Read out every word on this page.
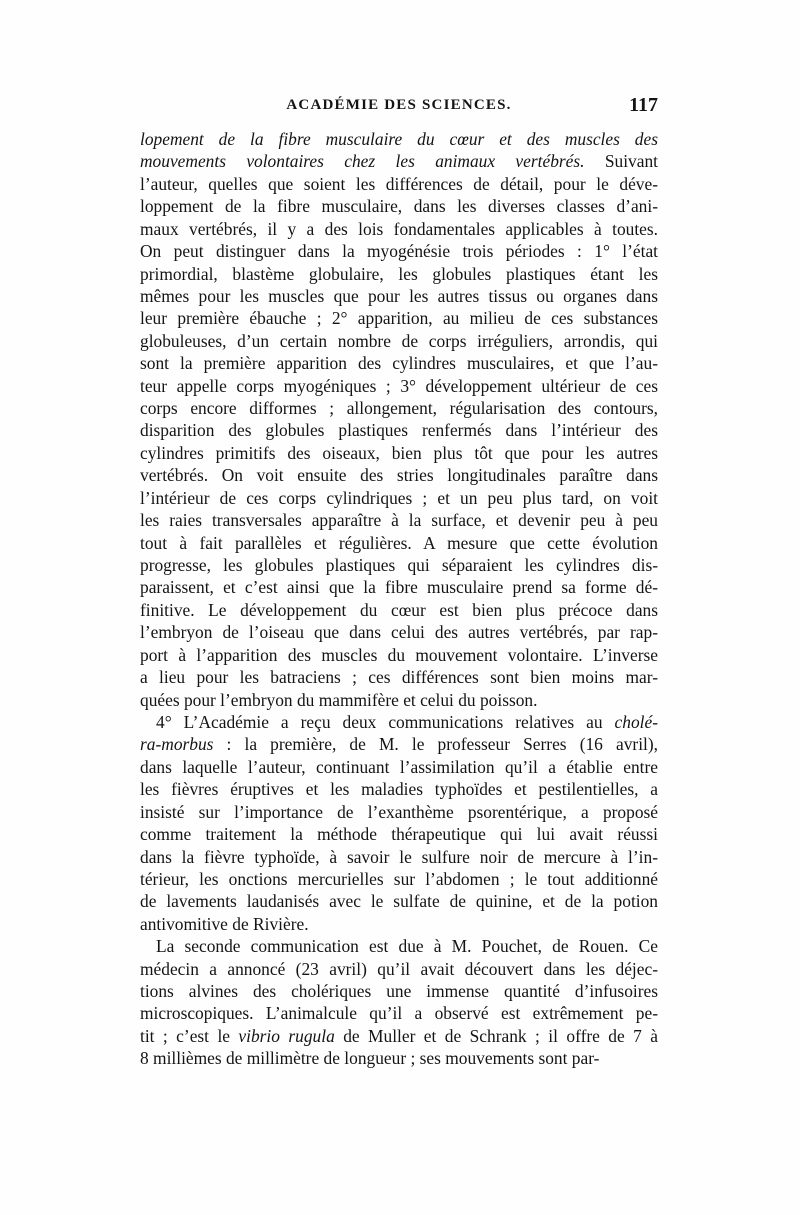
ACADÉMIE DES SCIENCES.	117
lopement de la fibre musculaire du cœur et des muscles des
mouvements volontaires chez les animaux vertébrés. Suivant
l’auteur, quelles que soient les différences de détail, pour le déve-
loppement de la fibre musculaire, dans les diverses classes d’ani-
maux vertébrés, il y a des lois fondamentales applicables à toutes.
On peut distinguer dans la myogénésie trois périodes : 1° l’état
primordial, blastème globulaire, les globules plastiques étant les
mêmes pour les muscles que pour les autres tissus ou organes dans
leur première ébauche ; 2° apparition, au milieu de ces substances
globuleuses, d’un certain nombre de corps irréguliers, arrondis, qui
sont la première apparition des cylindres musculaires, et que l’au-
teur appelle corps myogéniques ; 3° développement ultérieur de ces
corps encore difformes ; allongement, régularisation des contours,
disparition des globules plastiques renfermés dans l’intérieur des
cylindres primitifs des oiseaux, bien plus tôt que pour les autres
vertébrés. On voit ensuite des stries longitudinales paraître dans
l’intérieur de ces corps cylindriques ; et un peu plus tard, on voit
les raies transversales apparaître à la surface, et devenir peu à peu
tout à fait parallèles et régulières. A mesure que cette évolution
progresse, les globules plastiques qui séparaient les cylindres dis-
paraissent, et c’est ainsi que la fibre musculaire prend sa forme dé-
finitive. Le développement du cœur est bien plus précoce dans
l’embryon de l’oiseau que dans celui des autres vertébrés, par rap-
port à l’apparition des muscles du mouvement volontaire. L’inverse
a lieu pour les batraciens ; ces différences sont bien moins mar-
quées pour l’embryon du mammifère et celui du poisson.
4° L’Académie a reçu deux communications relatives au cholé-
ra-morbus : la première, de M. le professeur Serres (16 avril),
dans laquelle l’auteur, continuant l’assimilation qu’il a établie entre
les fièvres éruptives et les maladies typhoïdes et pestilentielles, a
insisté sur l’importance de l’exanthème psorentérique, a proposé
comme traitement la méthode thérapeutique qui lui avait réussi
dans la fièvre typhoïde, à savoir le sulfure noir de mercure à l’in-
térieur, les onctions mercurielles sur l’abdomen ; le tout additionné
de lavements laudanisés avec le sulfate de quinine, et de la potion
antivomitive de Rivière.
La seconde communication est due à M. Pouchet, de Rouen. Ce
médecin a annoncé (23 avril) qu’il avait découvert dans les déjec-
tions alvines des cholériques une immense quantité d’infusoires
microscopiques. L’animalcule qu’il a observé est extrêmement pe-
tit ; c’est le vibrio rugula de Muller et de Schrank ; il offre de 7 à
8 millièmes de millimètre de longueur ; ses mouvements sont par-
